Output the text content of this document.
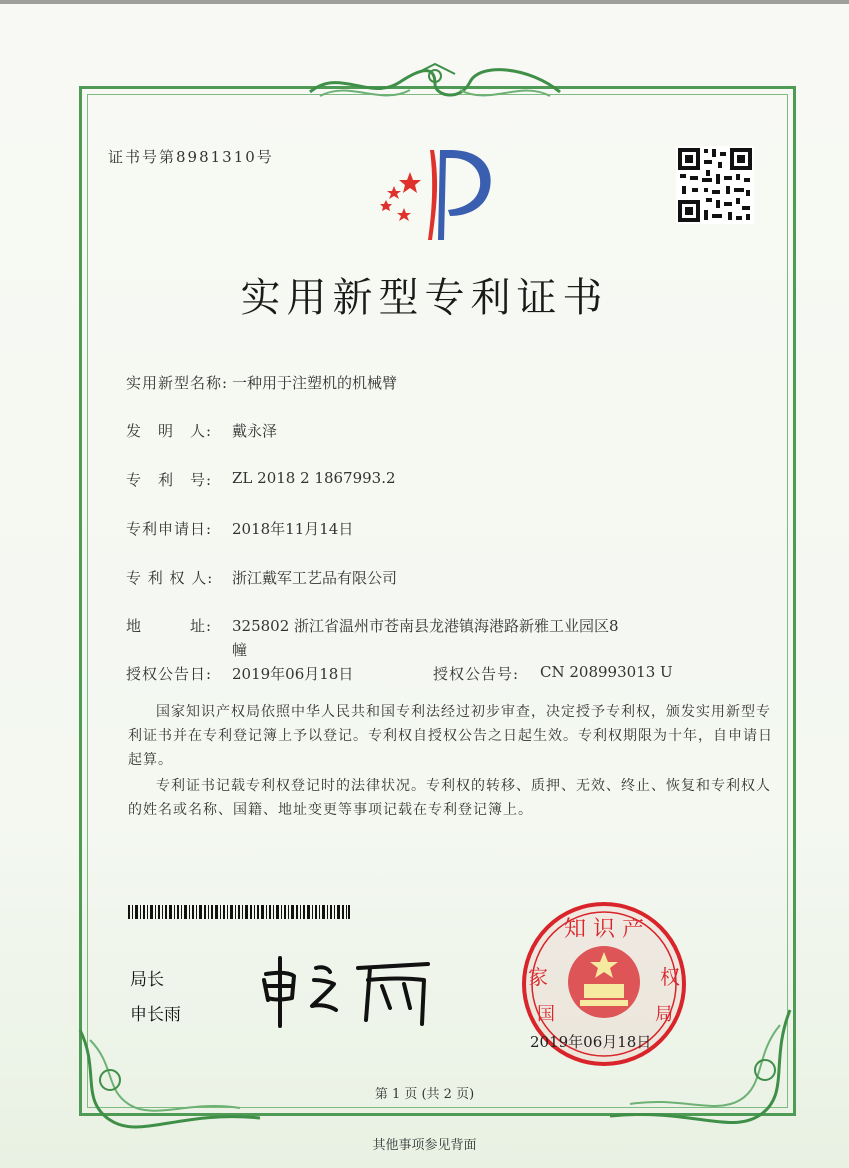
证书号第8981310号
实用新型专利证书
实用新型名称: 一种用于注塑机的机械臂
发　明　人: 戴永泽
专　利　号: ZL 2018 2 1867993.2
专利申请日: 2018年11月14日
专 利 权 人: 浙江戴军工艺品有限公司
地　　　址: 325802 浙江省温州市苍南县龙港镇海港路新雅工业园区8
幢
授权公告日: 2019年06月18日	授权公告号: CN 208993013 U
国家知识产权局依照中华人民共和国专利法经过初步审查，决定授予专利权，颁发实用新型专利证书并在专利登记簿上予以登记。专利权自授权公告之日起生效。专利权期限为十年，自申请日起算。
专利证书记载专利权登记时的法律状况。专利权的转移、质押、无效、终止、恢复和专利权人的姓名或名称、国籍、地址变更等事项记载在专利登记簿上。
局长
申长雨
知 识 产
家	权
国	局
2019年06月18日
第 1 页 (共 2 页)
其他事项参见背面
